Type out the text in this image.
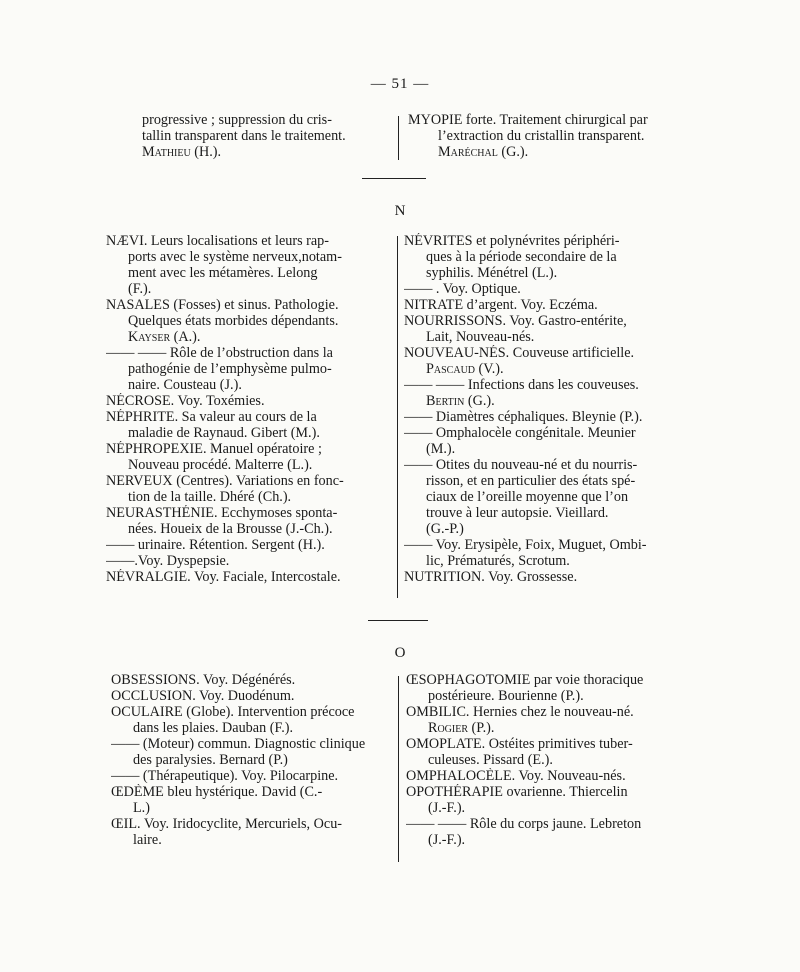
— 51 —
progressive ; suppression du cris-
tallin transparent dans le traitement.
Mathieu (H.).
MYOPIE forte. Traitement chirurgical par
l’extraction du cristallin transparent.
Maréchal (G.).
N
NÆVI. Leurs localisations et leurs rap-
ports avec le système nerveux,notam-
ment avec les métamères. Lelong
(F.).
NASALES (Fosses) et sinus. Pathologie.
Quelques états morbides dépendants.
Kayser (A.).
—— —— Rôle de l’obstruction dans la
pathogénie de l’emphysème pulmo-
naire. Cousteau (J.).
NÉCROSE. Voy. Toxémies.
NÉPHRITE. Sa valeur au cours de la
maladie de Raynaud. Gibert (M.).
NÉPHROPEXIE. Manuel opératoire ;
Nouveau procédé. Malterre (L.).
NERVEUX (Centres). Variations en fonc-
tion de la taille. Dhéré (Ch.).
NEURASTHÉNIE. Ecchymoses sponta-
nées. Houeix de la Brousse (J.-Ch.).
—— urinaire. Rétention. Sergent (H.).
——.Voy. Dyspepsie.
NÉVRALGIE. Voy. Faciale, Intercostale.
NÉVRITES et polynévrites périphéri-
ques à la période secondaire de la
syphilis. Ménétrel (L.).
—— . Voy. Optique.
NITRATE d’argent. Voy. Eczéma.
NOURRISSONS. Voy. Gastro-entérite,
Lait, Nouveau-nés.
NOUVEAU-NÉS. Couveuse artificielle.
Pascaud (V.).
—— —— Infections dans les couveuses.
Bertin (G.).
—— Diamètres céphaliques. Bleynie (P.).
—— Omphalocèle congénitale. Meunier
(M.).
—— Otites du nouveau-né et du nourris-
risson, et en particulier des états spé-
ciaux de l’oreille moyenne que l’on
trouve à leur autopsie. Vieillard.
(G.-P.)
—— Voy. Erysipèle, Foix, Muguet, Ombi-
lic, Prématurés, Scrotum.
NUTRITION. Voy. Grossesse.
O
OBSESSIONS. Voy. Dégénérés.
OCCLUSION. Voy. Duodénum.
OCULAIRE (Globe). Intervention précoce
dans les plaies. Dauban (F.).
—— (Moteur) commun. Diagnostic clinique
des paralysies. Bernard (P.)
—— (Thérapeutique). Voy. Pilocarpine.
ŒDÈME bleu hystérique. David (C.-
L.)
ŒIL. Voy. Iridocyclite, Mercuriels, Ocu-
laire.
ŒSOPHAGOTOMIE par voie thoracique
postérieure. Bourienne (P.).
OMBILIC. Hernies chez le nouveau-né.
Rogier (P.).
OMOPLATE. Ostéites primitives tuber-
culeuses. Pissard (E.).
OMPHALOCÈLE. Voy. Nouveau-nés.
OPOTHÉRAPIE ovarienne. Thiercelin
(J.-F.).
—— —— Rôle du corps jaune. Lebreton
(J.-F.).
